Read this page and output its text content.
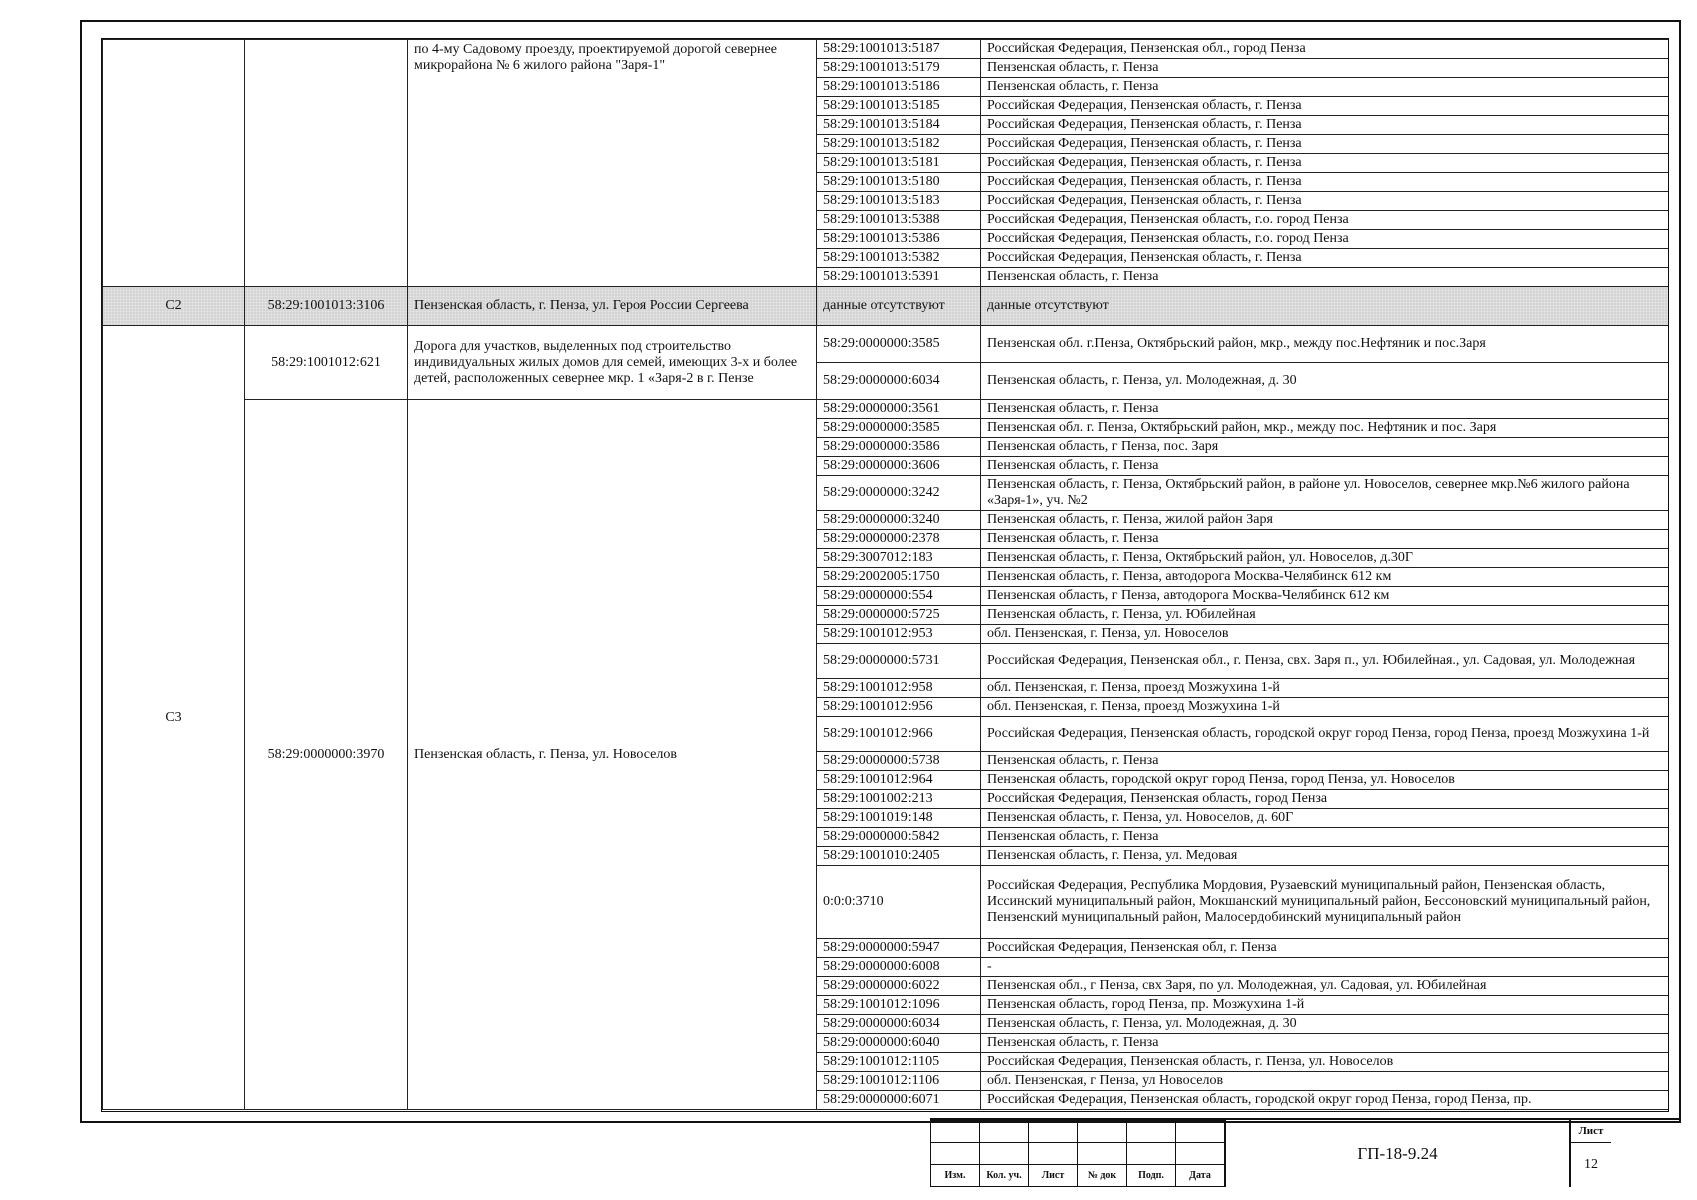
		по 4-му Садовому проезду, проектируемой дорогой севернее микрорайона № 6 жилого района "Заря-1"	58:29:1001013:5187	Российская Федерация, Пензенская обл., город Пенза
			58:29:1001013:5179	Пензенская область, г. Пенза
			58:29:1001013:5186	Пензенская область, г. Пенза
			58:29:1001013:5185	Российская Федерация, Пензенская область, г. Пенза
			58:29:1001013:5184	Российская Федерация, Пензенская область, г. Пенза
			58:29:1001013:5182	Российская Федерация, Пензенская область, г. Пенза
			58:29:1001013:5181	Российская Федерация, Пензенская область, г. Пенза
			58:29:1001013:5180	Российская Федерация, Пензенская область, г. Пенза
			58:29:1001013:5183	Российская Федерация, Пензенская область, г. Пенза
			58:29:1001013:5388	Российская Федерация, Пензенская область, г.о. город Пенза
			58:29:1001013:5386	Российская Федерация, Пензенская область, г.о. город Пенза
			58:29:1001013:5382	Российская Федерация, Пензенская область, г. Пенза
			58:29:1001013:5391	Пензенская область, г. Пенза
С2	58:29:1001013:3106	Пензенская область, г. Пенза, ул. Героя России Сергеева	данные отсутствуют	данные отсутствуют
С3	58:29:1001012:621	Дорога для участков, выделенных под строительство индивидуальных жилых домов для семей, имеющих 3-х и более детей, расположенных севернее мкр. 1 «Заря-2 в г. Пензе	58:29:0000000:3585	Пензенская обл. г.Пенза, Октябрьский район, мкр., между пос.Нефтяник и пос.Заря
			58:29:0000000:6034	Пензенская область, г. Пенза, ул. Молодежная, д. 30
	58:29:0000000:3970	Пензенская область, г. Пенза, ул. Новоселов	58:29:0000000:3561	Пензенская область, г. Пенза
			58:29:0000000:3585	Пензенская обл. г. Пенза, Октябрьский район, мкр., между пос. Нефтяник и пос. Заря
			58:29:0000000:3586	Пензенская область, г Пенза, пос. Заря
			58:29:0000000:3606	Пензенская область, г. Пенза
			58:29:0000000:3242	Пензенская область, г. Пенза, Октябрьский район, в районе ул. Новоселов, севернее мкр.№6 жилого района «Заря-1», уч. №2
			58:29:0000000:3240	Пензенская область, г. Пенза, жилой район Заря
			58:29:0000000:2378	Пензенская область, г. Пенза
			58:29:3007012:183	Пензенская область, г. Пенза, Октябрьский район, ул. Новоселов, д.30Г
			58:29:2002005:1750	Пензенская область, г. Пенза, автодорога Москва-Челябинск 612 км
			58:29:0000000:554	Пензенская область, г Пенза, автодорога Москва-Челябинск 612 км
			58:29:0000000:5725	Пензенская область, г. Пенза, ул. Юбилейная
			58:29:1001012:953	обл. Пензенская, г. Пенза, ул. Новоселов
			58:29:0000000:5731	Российская Федерация, Пензенская обл., г. Пенза, свх. Заря п., ул. Юбилейная., ул. Садовая, ул. Молодежная
			58:29:1001012:958	обл. Пензенская, г. Пенза, проезд Мозжухина 1-й
			58:29:1001012:956	обл. Пензенская, г. Пенза, проезд Мозжухина 1-й
			58:29:1001012:966	Российская Федерация, Пензенская область, городской округ город Пенза, город Пенза, проезд Мозжухина 1-й
			58:29:0000000:5738	Пензенская область, г. Пенза
			58:29:1001012:964	Пензенская область, городской округ город Пенза, город Пенза, ул. Новоселов
			58:29:1001002:213	Российская Федерация, Пензенская область, город Пенза
			58:29:1001019:148	Пензенская область, г. Пенза, ул. Новоселов, д. 60Г
			58:29:0000000:5842	Пензенская область, г. Пенза
			58:29:1001010:2405	Пензенская область, г. Пенза, ул. Медовая
			0:0:0:3710	Российская Федерация, Республика Мордовия, Рузаевский муниципальный район, Пензенская область, Иссинский муниципальный район, Мокшанский муниципальный район, Бессоновский муниципальный район, Пензенский муниципальный район, Малосердобинский муниципальный район
			58:29:0000000:5947	Российская Федерация, Пензенская обл, г. Пенза
			58:29:0000000:6008	-
			58:29:0000000:6022	Пензенская обл., г Пенза, свх Заря, по ул. Молодежная, ул. Садовая, ул. Юбилейная
			58:29:1001012:1096	Пензенская область, город Пенза, пр. Мозжухина 1-й
			58:29:0000000:6034	Пензенская область, г. Пенза, ул. Молодежная, д. 30
			58:29:0000000:6040	Пензенская область, г. Пенза
			58:29:1001012:1105	Российская Федерация, Пензенская область, г. Пенза, ул. Новоселов
			58:29:1001012:1106	обл. Пензенская, г Пенза, ул Новоселов
			58:29:0000000:6071	Российская Федерация, Пензенская область, городской округ город Пенза, город Пенза, пр.

Изм.	Кол. уч.	Лист	№ док	Подп.	Дата
ГП-18-9.24
Лист
12
